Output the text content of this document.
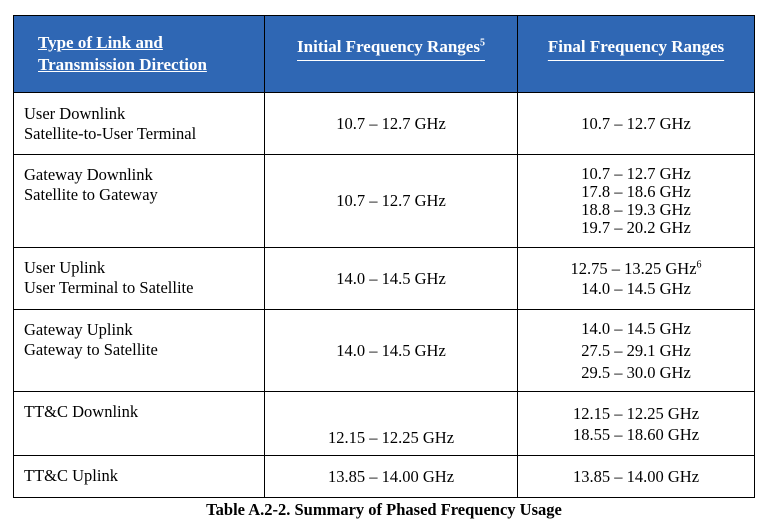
Type of Link and
Transmission Direction	Initial Frequency Ranges$^5$	Final Frequency Ranges

User Downlink
Satellite-to-User Terminal	10.7 – 12.7 GHz	10.7 – 12.7 GHz

Gateway Downlink
Satellite to Gateway	10.7 – 12.7 GHz	10.7 – 12.7 GHz
17.8 – 18.6 GHz
18.8 – 19.3 GHz
19.7 – 20.2 GHz

User Uplink
User Terminal to Satellite	14.0 – 14.5 GHz	12.75 – 13.25 GHz$^6$
14.0 – 14.5 GHz

Gateway Uplink
Gateway to Satellite	14.0 – 14.5 GHz	14.0 – 14.5 GHz
27.5 – 29.1 GHz
29.5 – 30.0 GHz

TT&C Downlink	12.15 – 12.25 GHz	12.15 – 12.25 GHz
18.55 – 18.60 GHz

TT&C Uplink	13.85 – 14.00 GHz	13.85 – 14.00 GHz
Table A.2-2. Summary of Phased Frequency Usage
